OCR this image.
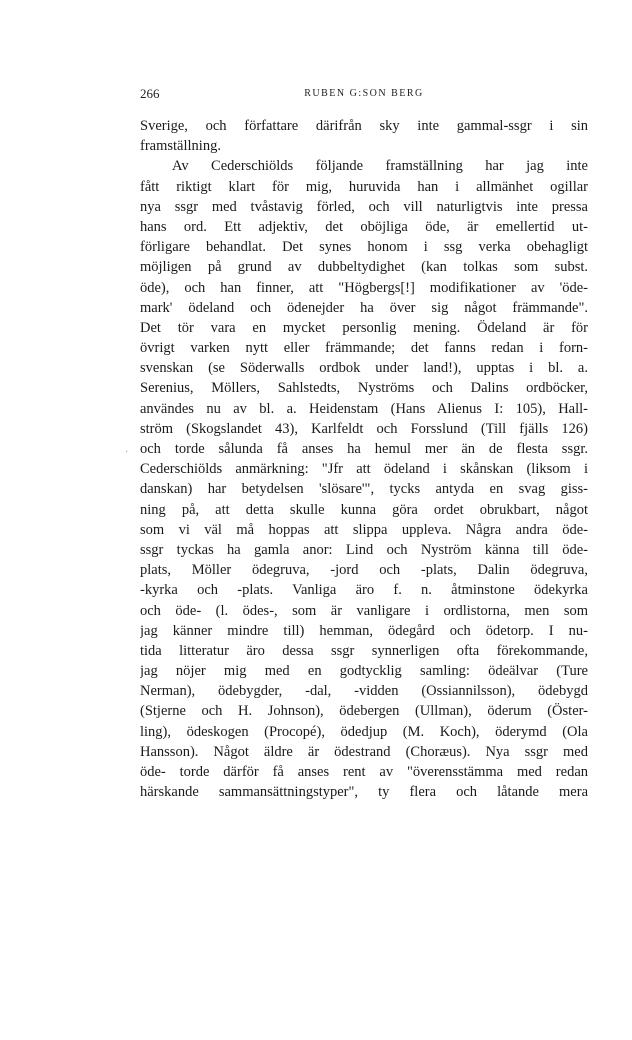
266	RUBEN G:SON BERG
·
Sverige, och författare därifrån sky inte gammal-ssgr i sin
framställning.
Av Cederschiölds följande framställning har jag inte
fått riktigt klart för mig, huruvida han i allmänhet ogillar
nya ssgr med tvåstavig förled, och vill naturligtvis inte pressa
hans ord. Ett adjektiv, det oböjliga öde, är emellertid ut-
förligare behandlat. Det synes honom i ssg verka obehagligt
möjligen på grund av dubbeltydighet (kan tolkas som subst.
öde), och han finner, att "Högbergs[!] modifikationer av 'öde-
mark' ödeland och ödenejder ha över sig något främmande".
Det tör vara en mycket personlig mening. Ödeland är för
övrigt varken nytt eller främmande; det fanns redan i forn-
svenskan (se Söderwalls ordbok under land!), upptas i bl. a.
Serenius, Möllers, Sahlstedts, Nyströms och Dalins ordböcker,
användes nu av bl. a. Heidenstam (Hans Alienus I: 105), Hall-
ström (Skogslandet 43), Karlfeldt och Forsslund (Till fjälls 126)
och torde sålunda få anses ha hemul mer än de flesta ssgr.
Cederschiölds anmärkning: "Jfr att ödeland i skånskan (liksom i
danskan) har betydelsen 'slösare'", tycks antyda en svag giss-
ning på, att detta skulle kunna göra ordet obrukbart, något
som vi väl må hoppas att slippa uppleva. Några andra öde-
ssgr tyckas ha gamla anor: Lind och Nyström känna till öde-
plats, Möller ödegruva, -jord och -plats, Dalin ödegruva,
-kyrka och -plats. Vanliga äro f. n. åtminstone ödekyrka
och öde- (l. ödes-, som är vanligare i ordlistorna, men som
jag känner mindre till) hemman, ödegård och ödetorp. I nu-
tida litteratur äro dessa ssgr synnerligen ofta förekommande,
jag nöjer mig med en godtycklig samling: ödeälvar (Ture
Nerman), ödebygder, -dal, -vidden (Ossiannilsson), ödebygd
(Stjerne och H. Johnson), ödebergen (Ullman), öderum (Öster-
ling), ödeskogen (Procopé), ödedjup (M. Koch), öderymd (Ola
Hansson). Något äldre är ödestrand (Choræus). Nya ssgr med
öde- torde därför få anses rent av "överensstämma med redan
härskande sammansättningstyper", ty flera och låtande mera
